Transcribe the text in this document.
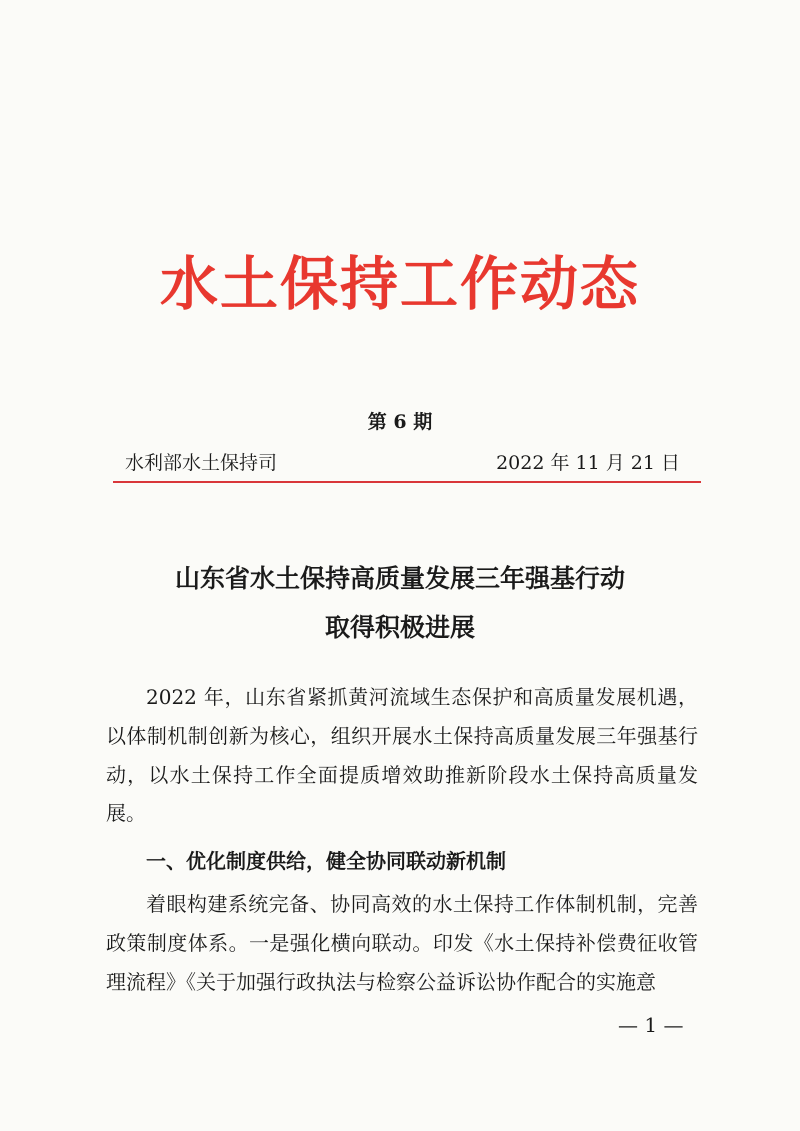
水土保持工作动态
第 6 期
水利部水土保持司	2022 年 11 月 21 日
山东省水土保持高质量发展三年强基行动
取得积极进展

2022 年，山东省紧抓黄河流域生态保护和高质量发展机遇，以体制机制创新为核心，组织开展水土保持高质量发展三年强基行动，以水土保持工作全面提质增效助推新阶段水土保持高质量发展。

一、优化制度供给，健全协同联动新机制

着眼构建系统完备、协同高效的水土保持工作体制机制，完善政策制度体系。一是强化横向联动。印发《水土保持补偿费征收管理流程》《关于加强行政执法与检察公益诉讼协作配合的实施意

— 1 —
